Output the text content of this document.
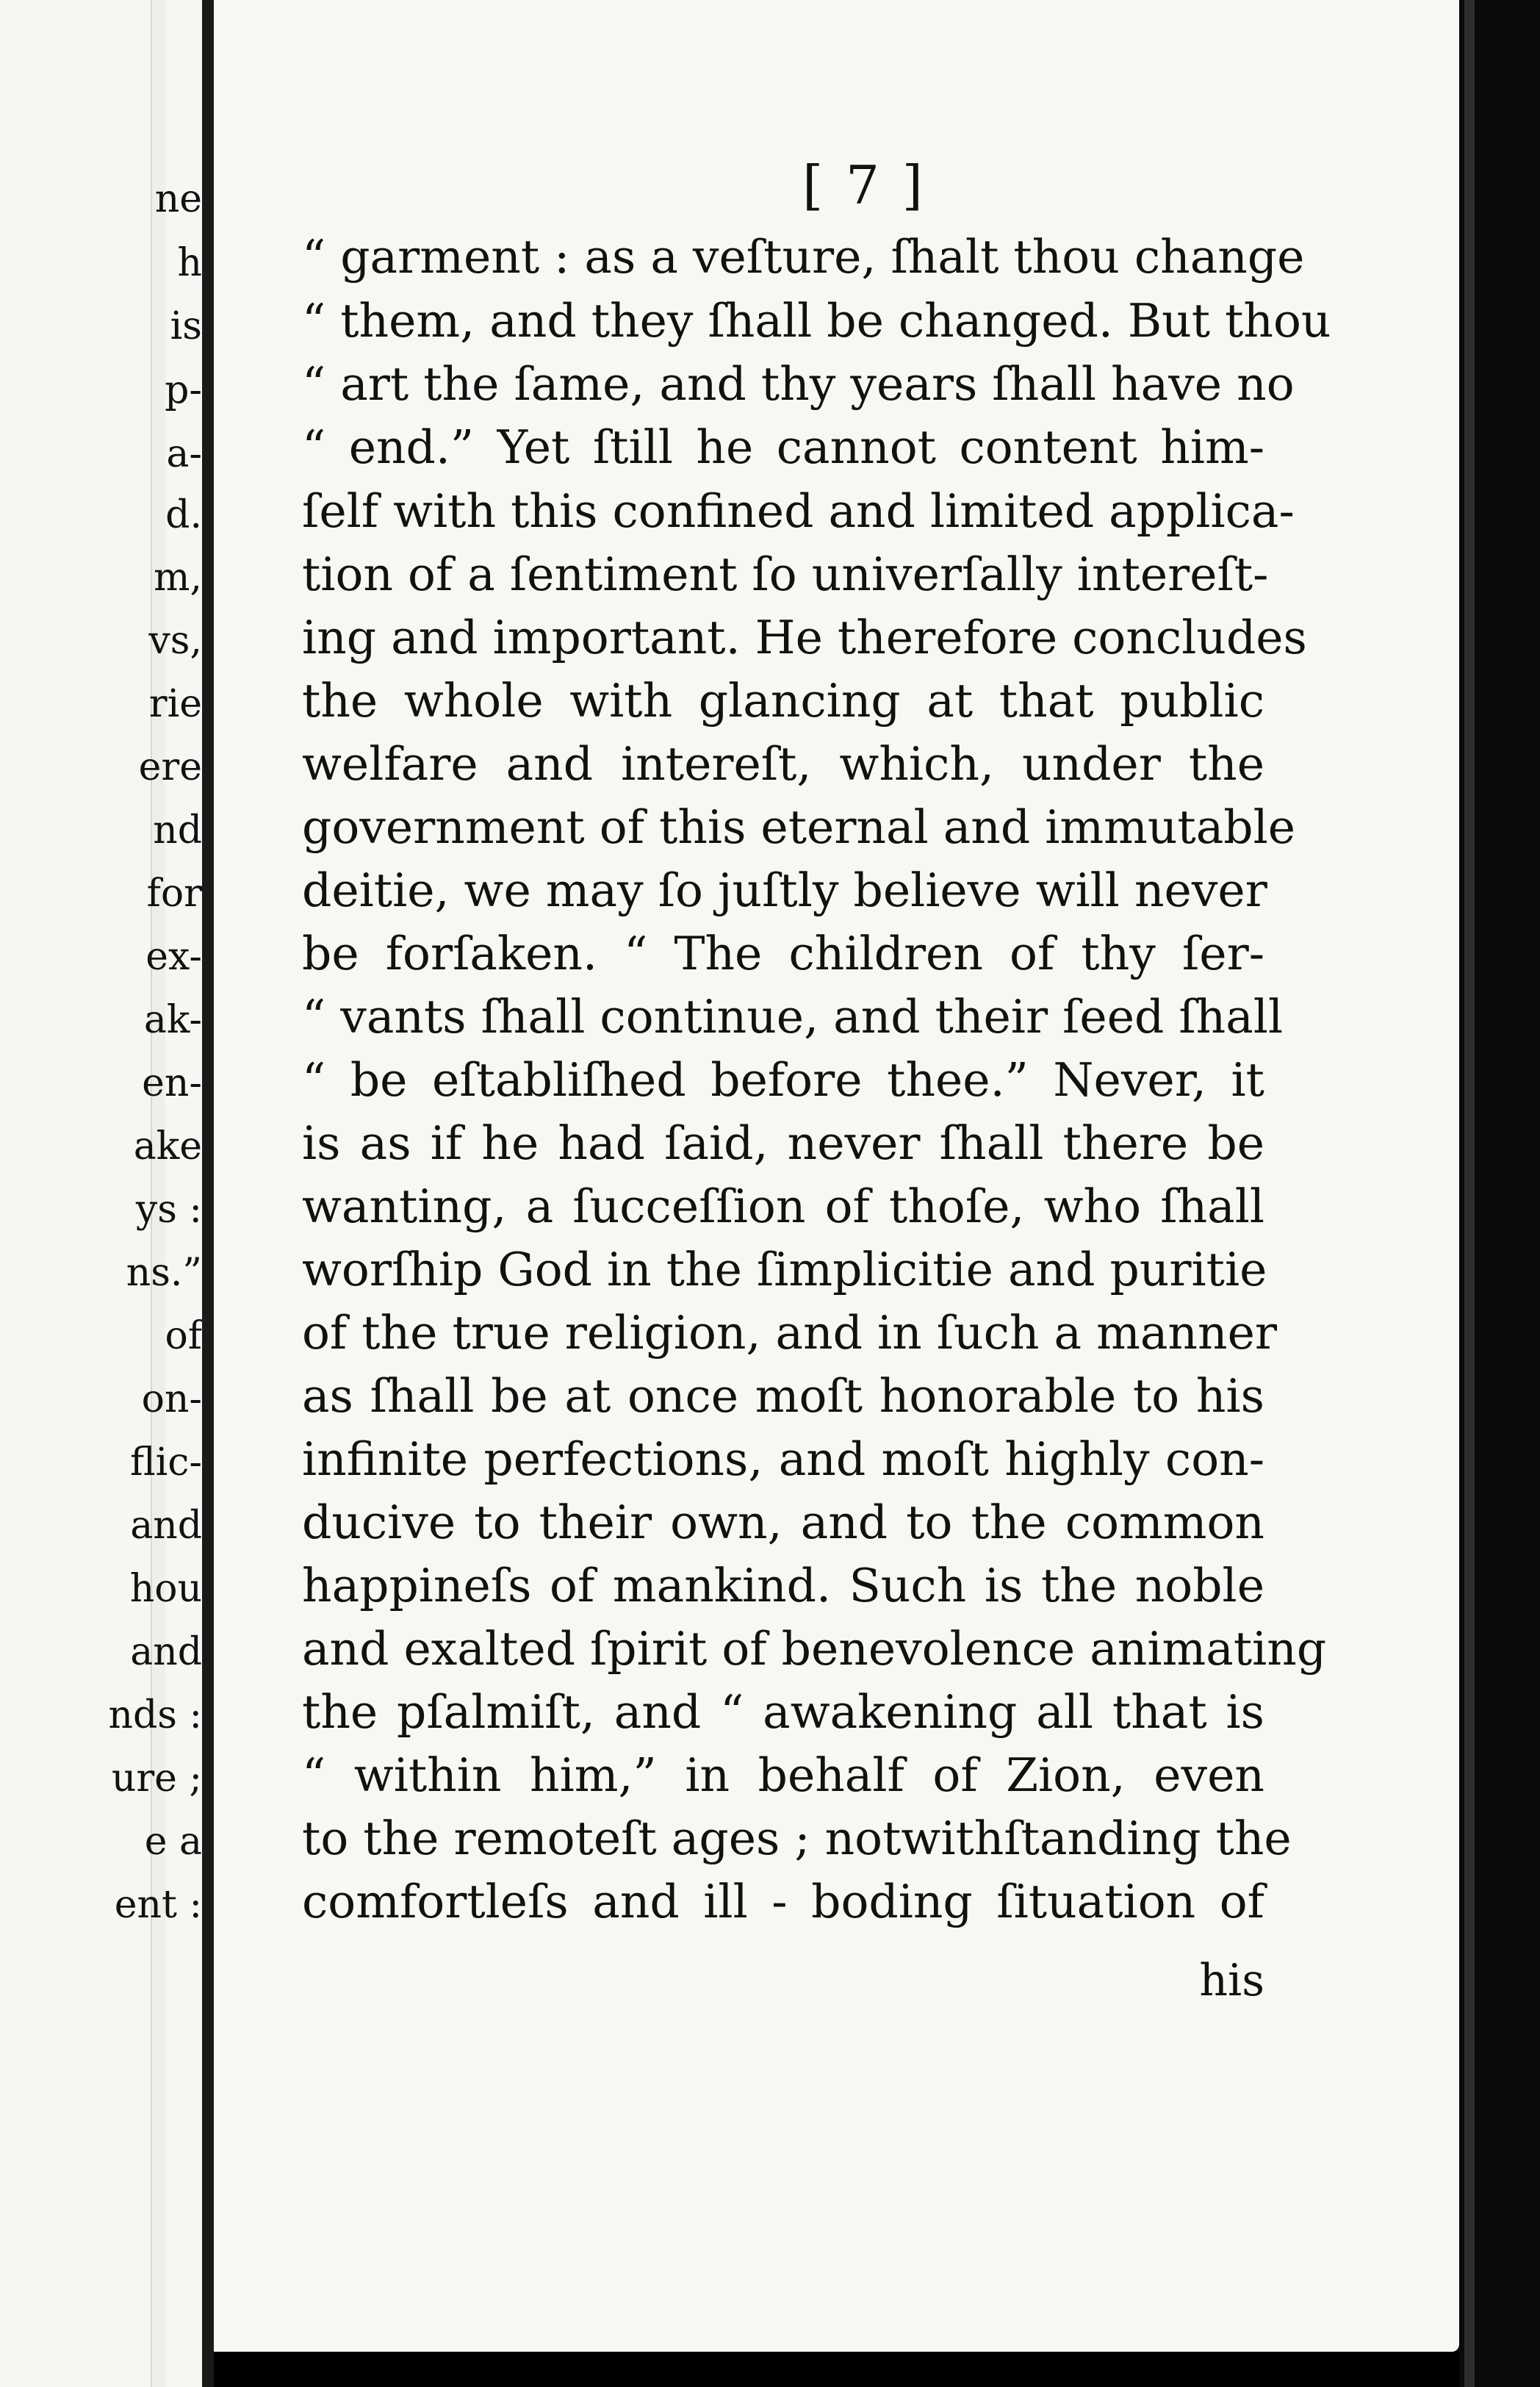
ne
h
is
p-
a-
d.
m,
vs,
rie
ere
nd
for
ex-
ak-
en-
ake
ys :
ns.”
of
on-
flic-
and
hou
and
nds :
ure ;
e a
ent :
[ 7 ]
“ garment : as a veſture, ſhalt thou change
“ them, and they ſhall be changed. But thou
“ art the ſame, and thy years ſhall have no
“ end.” Yet ſtill he cannot content him-
ſelf with this confined and limited applica-
tion of a ſentiment ſo univerſally intereſt-
ing and important. He therefore concludes
the whole with glancing at that public
welfare and intereſt, which, under the
government of this eternal and immutable
deitie, we may ſo juſtly believe will never
be forſaken. “ The children of thy ſer-
“ vants ſhall continue, and their ſeed ſhall
“ be eſtabliſhed before thee.” Never, it
is as if he had ſaid, never ſhall there be
wanting, a ſucceſſion of thoſe, who ſhall
worſhip God in the ſimplicitie and puritie
of the true religion, and in ſuch a manner
as ſhall be at once moſt honorable to his
infinite perfections, and moſt highly con-
ducive to their own, and to the common
happineſs of mankind. Such is the noble
and exalted ſpirit of benevolence animating
the pſalmiſt, and “ awakening all that is
“ within him,” in behalf of Zion, even
to the remoteſt ages ; notwithſtanding the
comfortleſs and ill - boding ſituation of
his
